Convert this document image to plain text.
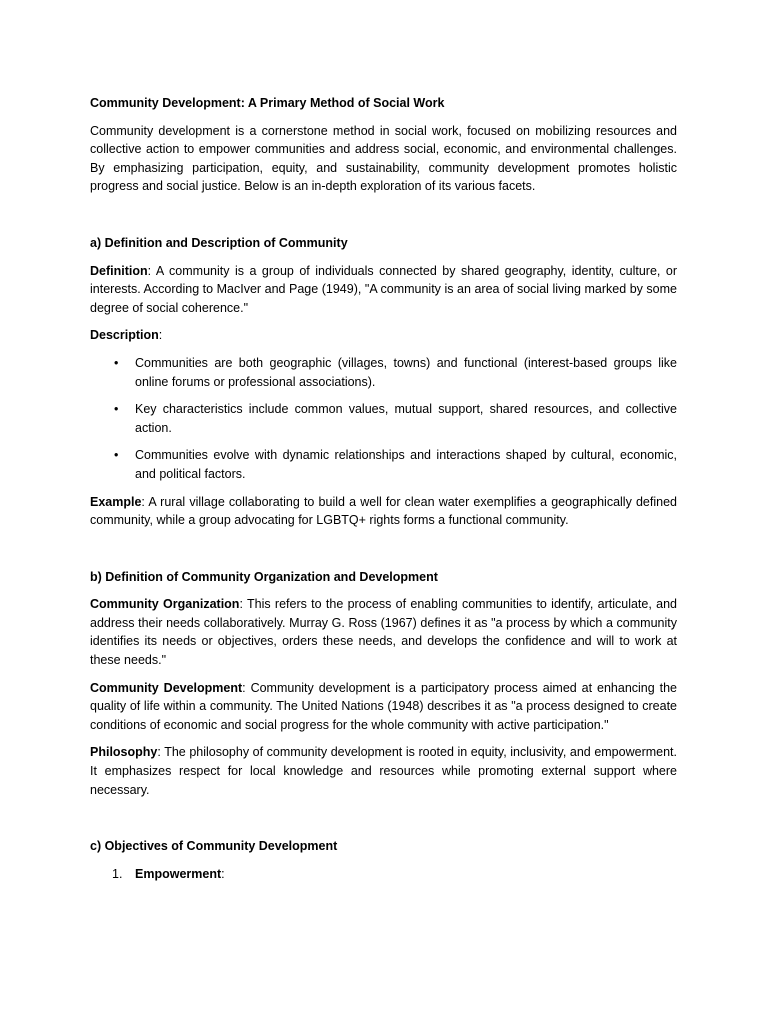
Community Development: A Primary Method of Social Work

Community development is a cornerstone method in social work, focused on mobilizing resources and collective action to empower communities and address social, economic, and environmental challenges. By emphasizing participation, equity, and sustainability, community development promotes holistic progress and social justice. Below is an in-depth exploration of its various facets.

a) Definition and Description of Community

Definition: A community is a group of individuals connected by shared geography, identity, culture, or interests. According to MacIver and Page (1949), "A community is an area of social living marked by some degree of social coherence."

Description:

• Communities are both geographic (villages, towns) and functional (interest-based groups like online forums or professional associations).
• Key characteristics include common values, mutual support, shared resources, and collective action.
• Communities evolve with dynamic relationships and interactions shaped by cultural, economic, and political factors.

Example: A rural village collaborating to build a well for clean water exemplifies a geographically defined community, while a group advocating for LGBTQ+ rights forms a functional community.

b) Definition of Community Organization and Development

Community Organization: This refers to the process of enabling communities to identify, articulate, and address their needs collaboratively. Murray G. Ross (1967) defines it as "a process by which a community identifies its needs or objectives, orders these needs, and develops the confidence and will to work at these needs."

Community Development: Community development is a participatory process aimed at enhancing the quality of life within a community. The United Nations (1948) describes it as "a process designed to create conditions of economic and social progress for the whole community with active participation."

Philosophy: The philosophy of community development is rooted in equity, inclusivity, and empowerment. It emphasizes respect for local knowledge and resources while promoting external support where necessary.

c) Objectives of Community Development
1. Empowerment:
